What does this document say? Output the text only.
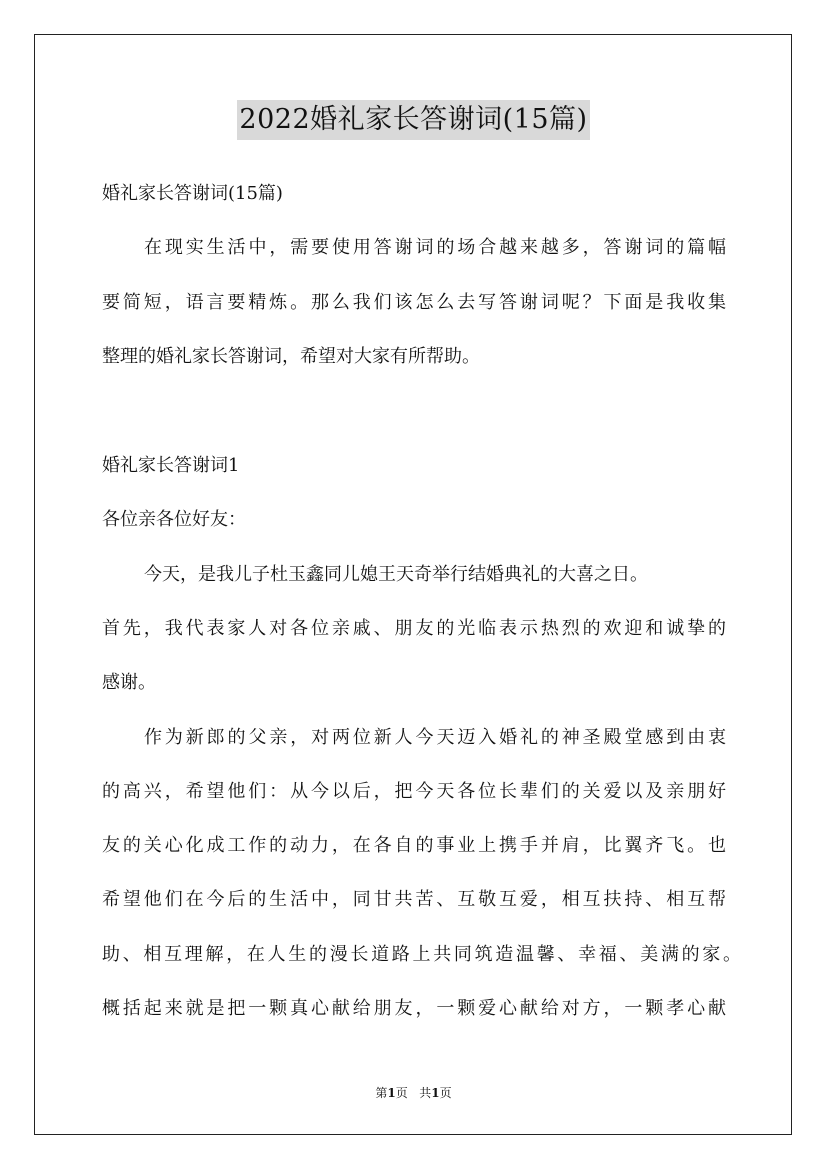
2022婚礼家长答谢词(15篇)
婚礼家长答谢词(15篇)
在现实生活中，需要使用答谢词的场合越来越多，答谢词的篇幅
要简短，语言要精炼。那么我们该怎么去写答谢词呢？下面是我收集
整理的婚礼家长答谢词，希望对大家有所帮助。
婚礼家长答谢词1
各位亲各位好友：
今天，是我儿子杜玉鑫同儿媳王天奇举行结婚典礼的大喜之日。
首先，我代表家人对各位亲戚、朋友的光临表示热烈的欢迎和诚挚的
感谢。
作为新郎的父亲，对两位新人今天迈入婚礼的神圣殿堂感到由衷
的高兴，希望他们：从今以后，把今天各位长辈们的关爱以及亲朋好
友的关心化成工作的动力，在各自的事业上携手并肩，比翼齐飞。也
希望他们在今后的生活中，同甘共苦、互敬互爱，相互扶持、相互帮
助、相互理解，在人生的漫长道路上共同筑造温馨、幸福、美满的家。
概括起来就是把一颗真心献给朋友，一颗爱心献给对方，一颗孝心献
第1页 共1页
